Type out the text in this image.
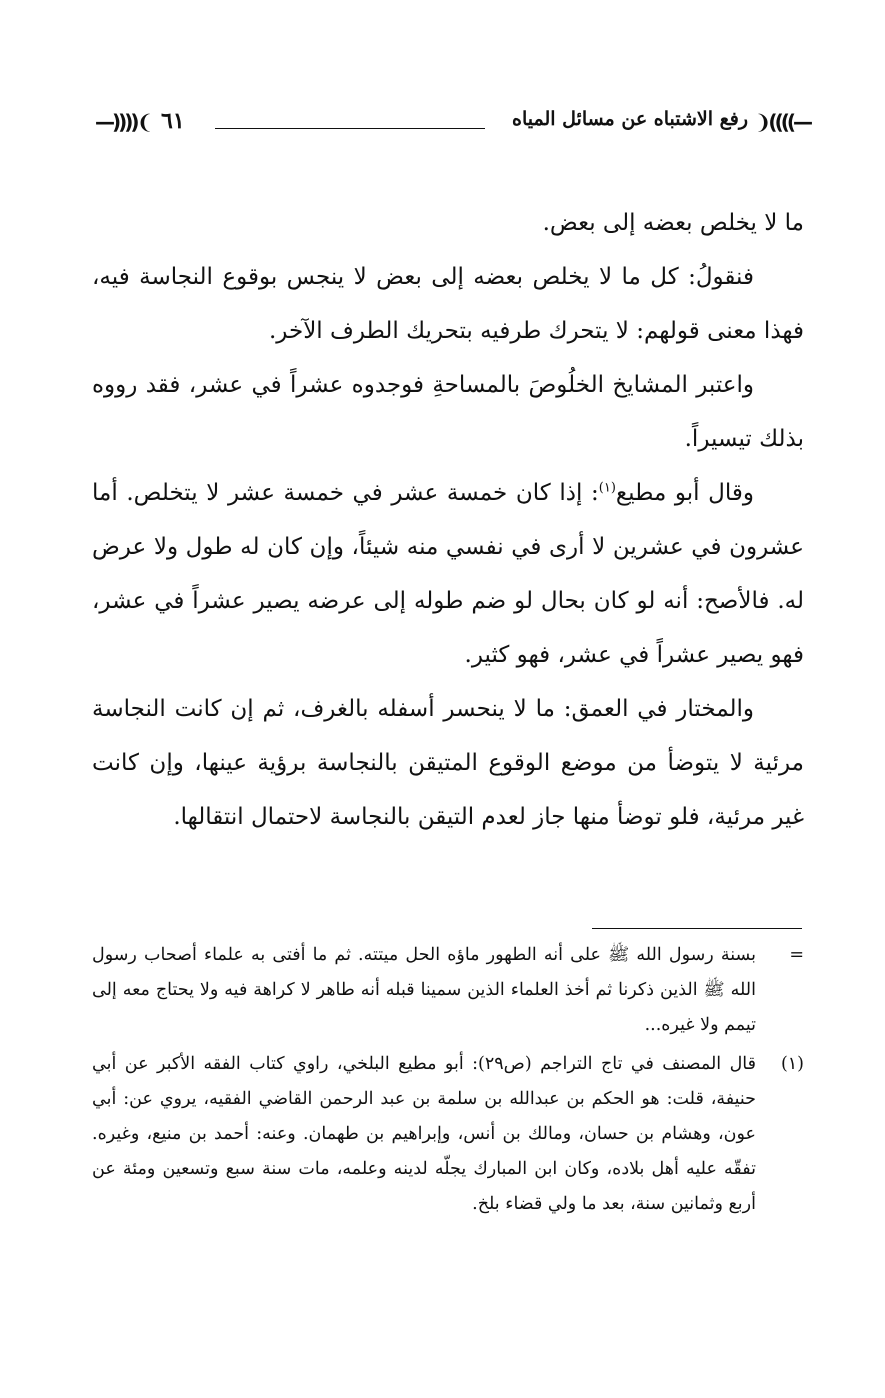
—))))❨
رفع الاشتباه عن مسائل المياه
٦١
❩((((—

ما لا يخلص بعضه إلى بعض.

فنقولُ: كل ما لا يخلص بعضه إلى بعض لا ينجس بوقوع النجاسة فيه، فهذا معنى قولهم: لا يتحرك طرفيه بتحريك الطرف الآخر.

واعتبر المشايخ الخلُوصَ بالمساحةِ فوجدوه عشراً في عشر، فقد رووه بذلك تيسيراً.

وقال أبو مطيع$^{(١)}$: إذا كان خمسة عشر في خمسة عشر لا يتخلص. أما عشرون في عشرين لا أرى في نفسي منه شيئاً، وإن كان له طول ولا عرض له. فالأصح: أنه لو كان بحال لو ضم طوله إلى عرضه يصير عشراً في عشر، فهو يصير عشراً في عشر، فهو كثير.

والمختار في العمق: ما لا ينحسر أسفله بالغرف، ثم إن كانت النجاسة مرئية لا يتوضأ من موضع الوقوع المتيقن بالنجاسة برؤية عينها، وإن كانت غير مرئية، فلو توضأ منها جاز لعدم التيقن بالنجاسة لاحتمال انتقالها.

=
بسنة رسول الله ﷺ على أنه الطهور ماؤه الحل ميتته. ثم ما أفتى به علماء أصحاب رسول الله ﷺ الذين ذكرنا ثم أخذ العلماء الذين سمينا قبله أنه طاهر لا كراهة فيه ولا يحتاج معه إلى تيمم ولا غيره...
(١)
قال المصنف في تاج التراجم (ص٢٩): أبو مطيع البلخي، راوي كتاب الفقه الأكبر عن أبي حنيفة، قلت: هو الحكم بن عبدالله بن سلمة بن عبد الرحمن القاضي الفقيه، يروي عن: أبي عون، وهشام بن حسان، ومالك بن أنس، وإبراهيم بن طهمان. وعنه: أحمد بن منيع، وغيره. تفقّه عليه أهل بلاده، وكان ابن المبارك يجلّه لدينه وعلمه، مات سنة سبع وتسعين ومئة عن أربع وثمانين سنة، بعد ما ولي قضاء بلخ.
